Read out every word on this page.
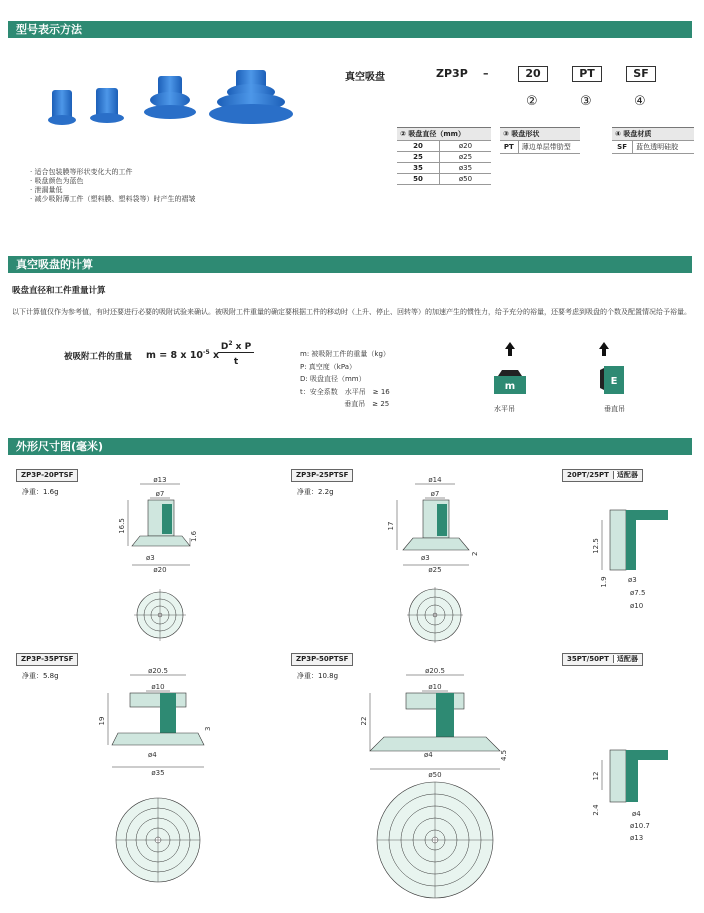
型号表示方法
真空吸盘	ZP3P –	20	PT	SF
②	③	④
② 吸盘直径（mm）	
20	ø20
25	ø25
35	ø35
50	ø50
③ 吸盘形状
PT	薄边单层带肋型
④ 吸盘材质
SF	蓝色透明硅胶
· 适合包装膜等形状变化大的工件
· 吸盘颜色为蓝色
· 泄漏量低
· 减少吸附薄工件（塑料膜、塑料袋等）时产生的褶皱
真空吸盘的计算
吸盘直径和工件重量计算
以下计算值仅作为参考值，有时还要进行必要的吸附试验来确认。被吸附工件重量的确定要根据工件的移动时（上升、停止、回转等）的加速产生的惯性力，给予充分的裕量，还要考虑到吸盘的个数及配置情况给予裕量。
被吸附工件的重量 m = 8 x $10^{-5}$ x
$D^2$ x P
t
m: 被吸附工件的重量（kg）
P: 真空度（kPa）
D: 吸盘直径（mm）
t：安全系数　水平吊　≥ 16
　　　　　　 垂直吊　≥ 25
m
水平吊
E
垂直吊
外形尺寸图(毫米)
ZP3P-20PTSF
净重：1.6g
ZP3P-25PTSF
净重：2.2g
20PT/25PT 适配器
ZP3P-35PTSF
净重：5.8g
ZP3P-50PTSF
净重：10.8g
35PT/50PT 适配器
ø13
ø7
16.5
1.6
ø3
ø20
ø14
ø7
17
2
ø3
ø25
12.5
1.9	ø3
ø7.5
ø10
ø20.5
ø10
19
3
ø4
ø35
ø20.5
ø10
22
4.5
ø4
ø50	12
2.4	ø4
ø10.7
ø13
